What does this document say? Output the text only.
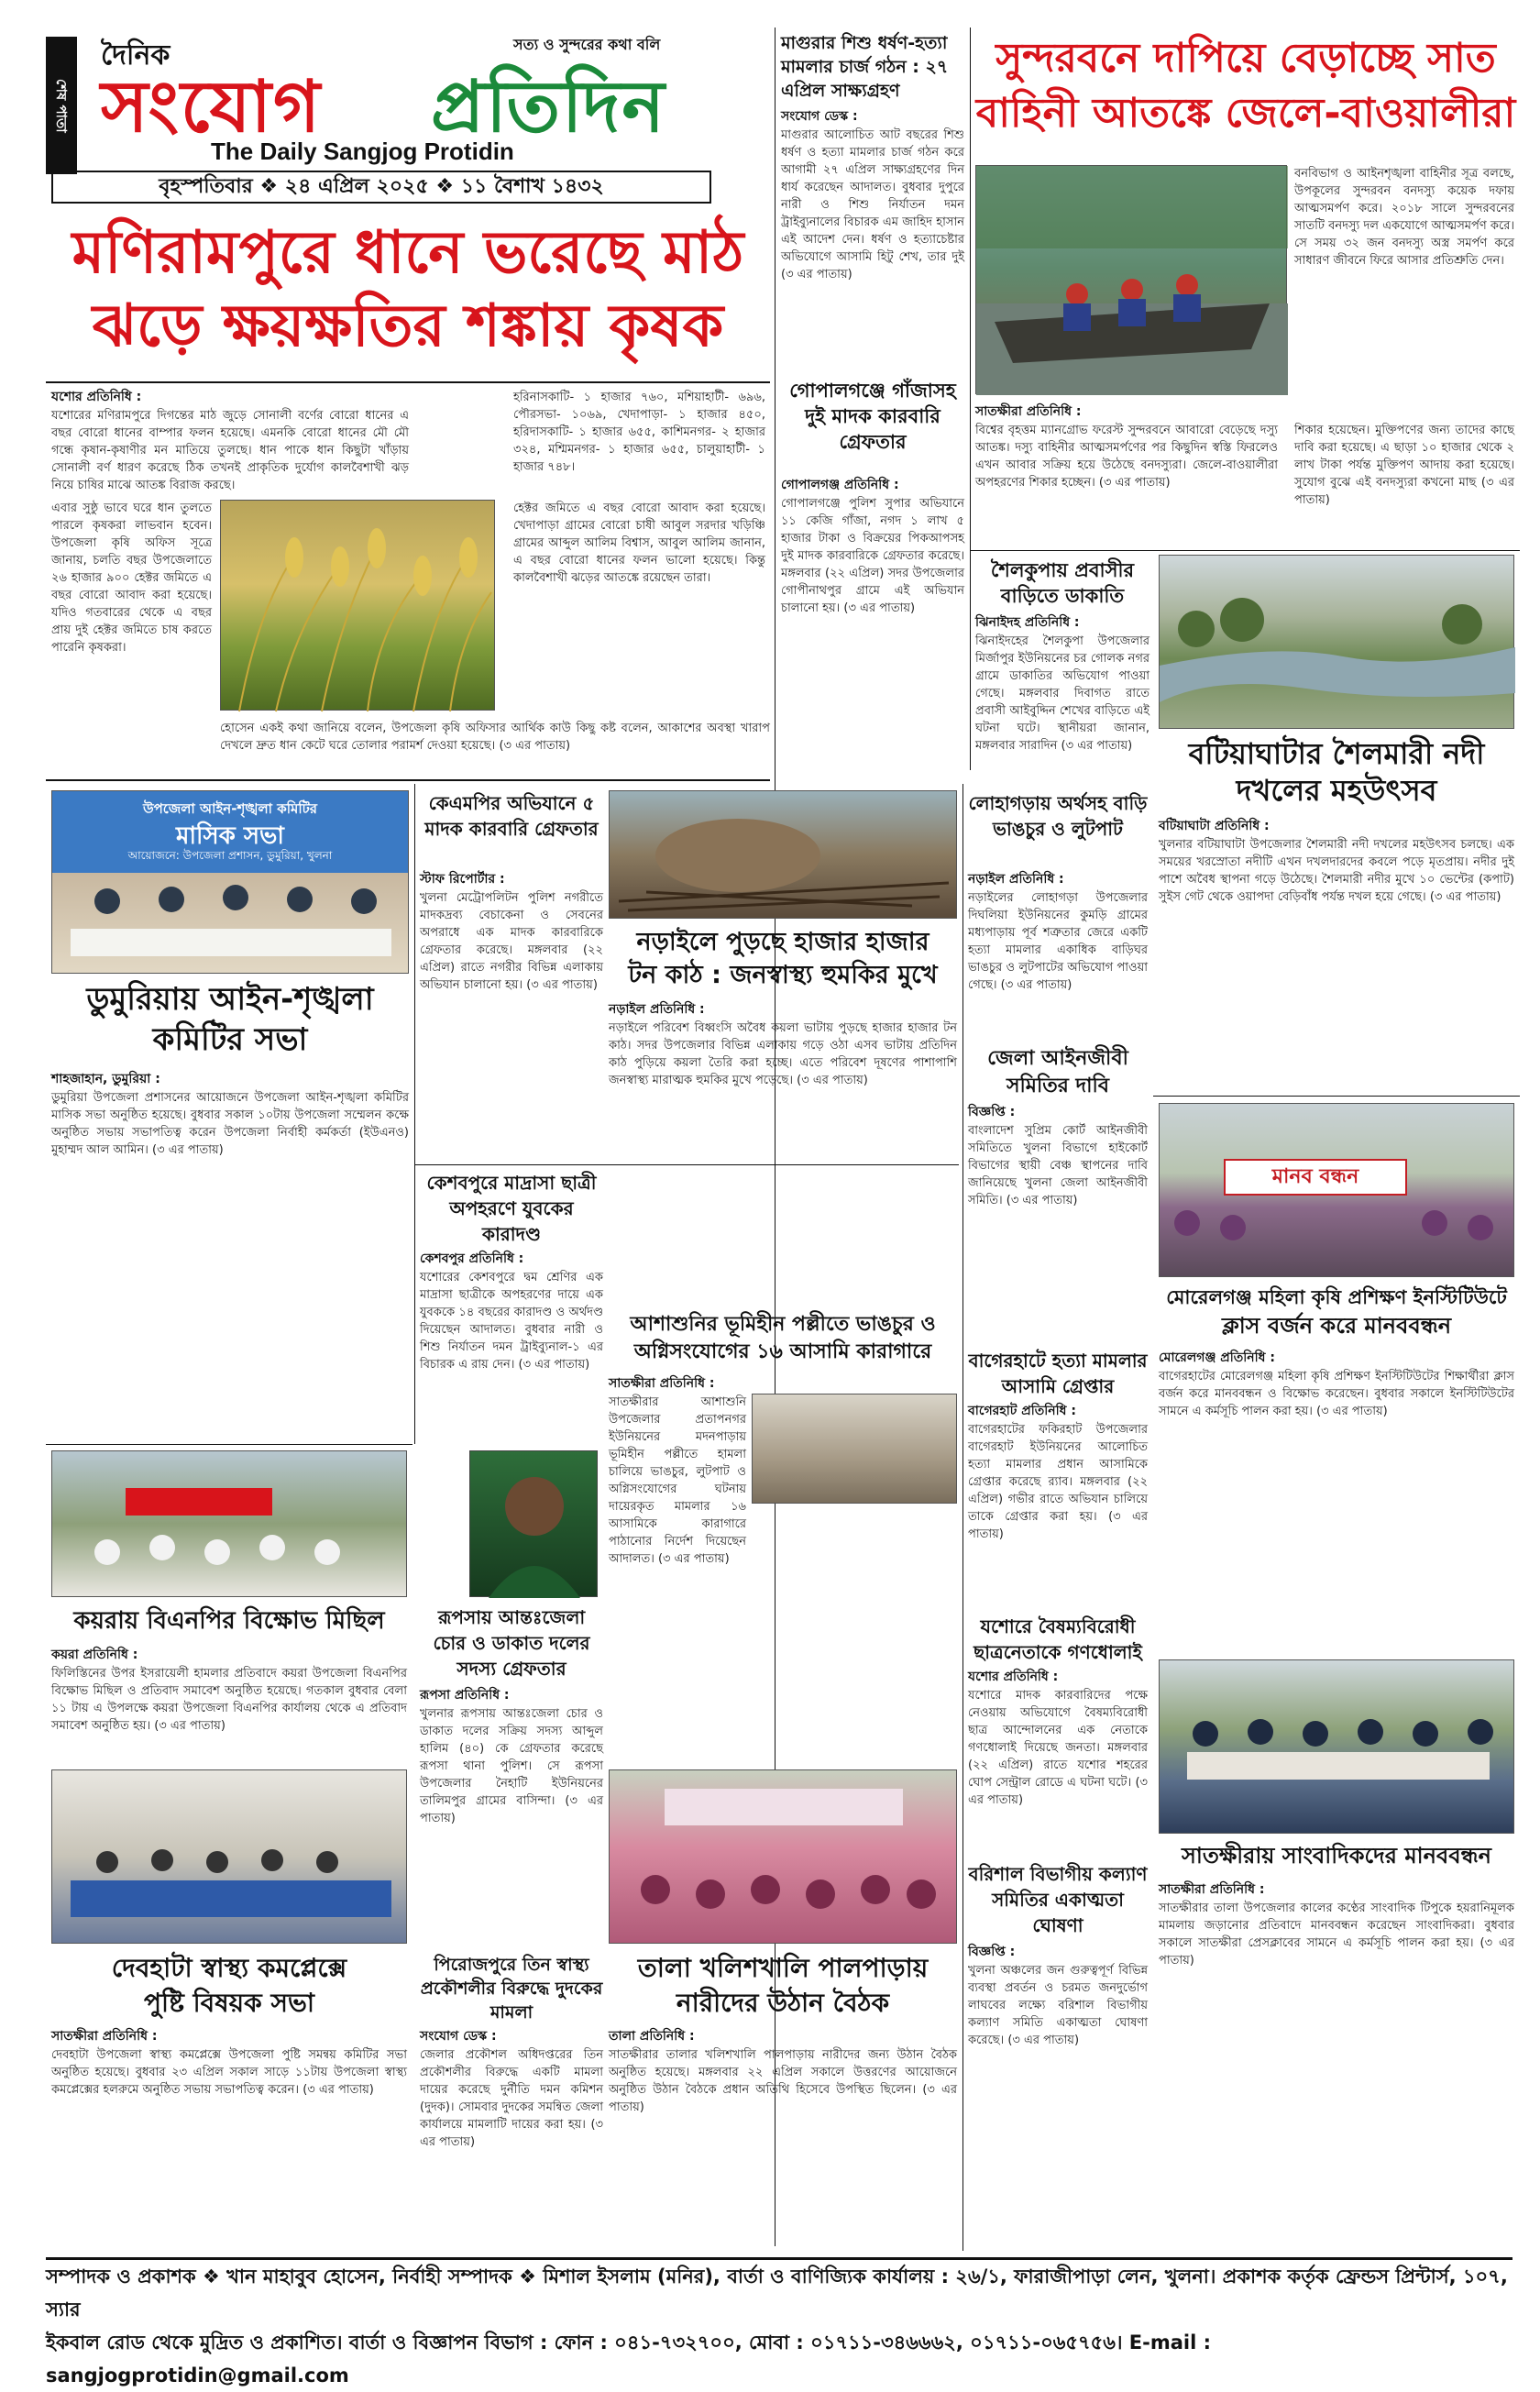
শেষ পাতা
দৈনিক	সত্য ও সুন্দরের কথা বলি
সংযোগ প্রতিদিন
The Daily Sangjog Protidin
বৃহস্পতিবার ❖ ২৪ এপ্রিল ২০২৫ ❖ ১১ বৈশাখ ১৪৩২
মণিরামপুরে ধানে ভরেছে মাঠ
ঝড়ে ক্ষয়ক্ষতির শঙ্কায় কৃষক
যশোর প্রতিনিধি :
যশোরের মণিরামপুরে দিগন্তের মাঠ জুড়ে সোনালী বর্ণের বোরো ধানের এ বছর বোরো ধানের বাম্পার ফলন হয়েছে। এমনকি বোরো ধানের মৌ মৌ গন্ধে কৃষান-কৃষাণীর মন মাতিয়ে তুলছে। ধান পাকে ধান কিছুটা খাঁড়ায় সোনালী বর্ণ ধারণ করেছে ঠিক তখনই প্রাকৃতিক দুর্যোগ কালবৈশাখী ঝড় নিয়ে চাষির মাঝে আতঙ্ক বিরাজ করছে।
এবার সুষ্ঠু ভাবে ঘরে ধান তুলতে পারলে কৃষকরা লাভবান হবেন। উপজেলা কৃষি অফিস সূত্রে জানায়, চলতি বছর উপজেলাতে ২৬ হাজার ৯০০ হেক্টর জমিতে এ বছর বোরো আবাদ করা হয়েছে। যদিও গতবারের থেকে এ বছর প্রায় দুই হেক্টর জমিতে চাষ করতে পারেনি কৃষকরা।
হরিনাসকাটি- ১ হাজার ৭৬০, মশিয়াহাটী- ৬৯৬, পৌরসভা- ১০৬৯, খেদাপাড়া- ১ হাজার ৪৫০, হরিদাসকাটি- ১ হাজার ৬৫৫, কাশিমনগর- ২ হাজার ৩২৪, মশ্মিমনগর- ১ হাজার ৬৫৫, চালুয়াহাটী- ১ হাজার ৭৪৮।
হেক্টর জমিতে এ বছর বোরো আবাদ করা হয়েছে। খেদাপাড়া গ্রামের বোরো চাষী আবুল সরদার খড়িঞ্চি গ্রামের আব্দুল আলিম বিশ্বাস, আবুল আলিম জানান, এ বছর বোরো ধানের ফলন ভালো হয়েছে। কিন্তু কালবৈশাখী ঝড়ের আতঙ্কে রয়েছেন তারা।
হোসেন একই কথা জানিয়ে বলেন, উপজেলা কৃষি অফিসার আর্থিক কাউ কিছু কষ্ট বলেন, আকাশের অবস্থা খারাপ দেখলে দ্রুত ধান কেটে ঘরে তোলার পরামর্শ দেওয়া হয়েছে। (৩ এর পাতায়)
মাগুরার শিশু ধর্ষণ-হত্যা মামলার চার্জ গঠন : ২৭ এপ্রিল সাক্ষ্যগ্রহণ
সংযোগ ডেস্ক :
মাগুরার আলোচিত আট বছরের শিশু ধর্ষণ ও হত্যা মামলার চার্জ গঠন করে আগামী ২৭ এপ্রিল সাক্ষ্যগ্রহণের দিন ধার্য করেছেন আদালত। বুধবার দুপুরে নারী ও শিশু নির্যাতন দমন ট্রাইব্যুনালের বিচারক এম জাহিদ হাসান এই আদেশ দেন। ধর্ষণ ও হত্যাচেষ্টার অভিযোগে আসামি হিটু শেখ, তার দুই (৩ এর পাতায়)
গোপালগঞ্জে গাঁজাসহ দুই মাদক কারবারি গ্রেফতার
গোপালগঞ্জ প্রতিনিধি :
গোপালগঞ্জে পুলিশ সুপার অভিযানে ১১ কেজি গাঁজা, নগদ ১ লাখ ৫ হাজার টাকা ও বিক্রয়ের পিকআপসহ দুই মাদক কারবারিকে গ্রেফতার করেছে। মঙ্গলবার (২২ এপ্রিল) সদর উপজেলার গোপীনাথপুর গ্রামে এই অভিযান চালানো হয়। (৩ এর পাতায়)
সুন্দরবনে দাপিয়ে বেড়াচ্ছে সাত
বাহিনী আতঙ্কে জেলে-বাওয়ালীরা
বনবিভাগ ও আইনশৃঙ্খলা বাহিনীর সূত্র বলছে, উপকূলের সুন্দরবন বনদস্যু কয়েক দফায় আত্মসমর্পণ করে। ২০১৮ সালে সুন্দরবনের সাতটি বনদস্যু দল একযোগে আত্মসমর্পণ করে। সে সময় ৩২ জন বনদস্যু অস্ত্র সমর্পণ করে সাধারণ জীবনে ফিরে আসার প্রতিশ্রুতি দেন।
সাতক্ষীরা প্রতিনিধি :
বিশ্বের বৃহত্তম ম্যানগ্রোভ ফরেস্ট সুন্দরবনে আবারো বেড়েছে দস্যু আতঙ্ক। দস্যু বাহিনীর আত্মসমর্পণের পর কিছুদিন স্বস্তি ফিরলেও এখন আবার সক্রিয় হয়ে উঠেছে বনদস্যুরা। জেলে-বাওয়ালীরা অপহরণের শিকার হচ্ছেন। (৩ এর পাতায়)
শিকার হয়েছেন। মুক্তিপণের জন্য তাদের কাছে দাবি করা হয়েছে। এ ছাড়া ১০ হাজার থেকে ২ লাখ টাকা পর্যন্ত মুক্তিপণ আদায় করা হয়েছে। সুযোগ বুঝে এই বনদস্যুরা কখনো মাছ (৩ এর পাতায়)
শৈলকুপায় প্রবাসীর বাড়িতে ডাকাতি
ঝিনাইদহ প্রতিনিধি :
ঝিনাইদহের শৈলকুপা উপজেলার মির্জাপুর ইউনিয়নের চর গোলক নগর গ্রামে ডাকাতির অভিযোগ পাওয়া গেছে। মঙ্গলবার দিবাগত রাতে প্রবাসী আইবুদ্দিন শেখের বাড়িতে এই ঘটনা ঘটে। স্থানীয়রা জানান, মঙ্গলবার সারাদিন (৩ এর পাতায়)	বটিয়াঘাটার শৈলমারী নদী
দখলের মহউৎসব
বটিয়াঘাটা প্রতিনিধি :
খুলনার বটিয়াঘাটা উপজেলার শৈলমারী নদী দখলের মহউৎসব চলছে। এক সময়ের খরস্রোতা নদীটি এখন দখলদারদের কবলে পড়ে মৃতপ্রায়। নদীর দুই পাশে অবৈধ স্থাপনা গড়ে উঠেছে। শৈলমারী নদীর মুখে ১০ ভেন্টের (কপাট) সুইস গেট থেকে ওয়াপদা বেড়িবাঁধ পর্যন্ত দখল হয়ে গেছে। (৩ এর পাতায়)
উপজেলা আইন-শৃঙ্খলা কমিটির
মাসিক সভা
আয়োজনে: উপজেলা প্রশাসন, ডুমুরিয়া, খুলনা
ডুমুরিয়ায় আইন-শৃঙ্খলা
কমিটির সভা
শাহজাহান, ডুমুরিয়া :
ডুমুরিয়া উপজেলা প্রশাসনের আয়োজনে উপজেলা আইন-শৃঙ্খলা কমিটির মাসিক সভা অনুষ্ঠিত হয়েছে। বুধবার সকাল ১০টায় উপজেলা সম্মেলন কক্ষে অনুষ্ঠিত সভায় সভাপতিত্ব করেন উপজেলা নির্বাহী কর্মকর্তা (ইউএনও) মুহাম্মদ আল আমিন। (৩ এর পাতায়)
কেএমপির অভিযানে ৫ মাদক কারবারি গ্রেফতার
স্টাফ রিপোর্টার :
খুলনা মেট্রোপলিটন পুলিশ নগরীতে মাদকদ্রব্য বেচাকেনা ও সেবনের অপরাধে এক মাদক কারবারিকে গ্রেফতার করেছে। মঙ্গলবার (২২ এপ্রিল) রাতে নগরীর বিভিন্ন এলাকায় অভিযান চালানো হয়। (৩ এর পাতায়)
নড়াইলে পুড়ছে হাজার হাজার
টন কাঠ : জনস্বাস্থ্য হুমকির মুখে
নড়াইল প্রতিনিধি :
নড়াইলে পরিবেশ বিধ্বংসি অবৈধ কয়লা ভাটায় পুড়ছে হাজার হাজার টন কাঠ। সদর উপজেলার বিভিন্ন এলাকায় গড়ে ওঠা এসব ভাটায় প্রতিদিন কাঠ পুড়িয়ে কয়লা তৈরি করা হচ্ছে। এতে পরিবেশ দূষণের পাশাপাশি জনস্বাস্থ্য মারাত্মক হুমকির মুখে পড়েছে। (৩ এর পাতায়)
লোহাগড়ায় অর্থসহ বাড়ি ভাঙচুর ও লুটপাট
নড়াইল প্রতিনিধি :
নড়াইলের লোহাগড়া উপজেলার দিঘলিয়া ইউনিয়নের কুমড়ি গ্রামের মধ্যপাড়ায় পূর্ব শত্রুতার জেরে একটি হত্যা মামলার একাধিক বাড়িঘর ভাঙচুর ও লুটপাটের অভিযোগ পাওয়া গেছে। (৩ এর পাতায়)
জেলা আইনজীবী সমিতির দাবি
বিজ্ঞপ্তি :
বাংলাদেশ সুপ্রিম কোর্ট আইনজীবী সমিতিতে খুলনা বিভাগে হাইকোর্ট বিভাগের স্থায়ী বেঞ্চ স্থাপনের দাবি জানিয়েছে খুলনা জেলা আইনজীবী সমিতি। (৩ এর পাতায়)
মানব বন্ধন
মোরেলগঞ্জ মহিলা কৃষি প্রশিক্ষণ ইনস্টিটিউটে
ক্লাস বর্জন করে মানববন্ধন
মোরেলগঞ্জ প্রতিনিধি :
বাগেরহাটের মোরেলগঞ্জ মহিলা কৃষি প্রশিক্ষণ ইনস্টিটিউটের শিক্ষার্থীরা ক্লাস বর্জন করে মানববন্ধন ও বিক্ষোভ করেছেন। বুধবার সকালে ইনস্টিটিউটের সামনে এ কর্মসূচি পালন করা হয়। (৩ এর পাতায়)
কেশবপুরে মাদ্রাসা ছাত্রী অপহরণে যুবকের কারাদণ্ড
কেশবপুর প্রতিনিধি :
যশোরের কেশবপুরে দ্বম শ্রেণির এক মাদ্রাসা ছাত্রীকে অপহরণের দায়ে এক যুবককে ১৪ বছরের কারাদণ্ড ও অর্থদণ্ড দিয়েছেন আদালত। বুধবার নারী ও শিশু নির্যাতন দমন ট্রাইব্যুনাল-১ এর বিচারক এ রায় দেন। (৩ এর পাতায়)
আশাশুনির ভূমিহীন পল্লীতে ভাঙচুর ও
অগ্নিসংযোগের ১৬ আসামি কারাগারে
সাতক্ষীরা প্রতিনিধি :
সাতক্ষীরার আশাশুনি উপজেলার প্রতাপনগর ইউনিয়নের মদনপাড়ায় ভূমিহীন পল্লীতে হামলা চালিয়ে ভাঙচুর, লুটপাট ও অগ্নিসংযোগের ঘটনায় দায়েরকৃত মামলার ১৬ আসামিকে কারাগারে পাঠানোর নির্দেশ দিয়েছেন আদালত। (৩ এর পাতায়)
বাগেরহাটে হত্যা মামলার আসামি গ্রেপ্তার
বাগেরহাট প্রতিনিধি :
বাগেরহাটের ফকিরহাট উপজেলার বাগেরহাট ইউনিয়নের আলোচিত হত্যা মামলার প্রধান আসামিকে গ্রেপ্তার করেছে র‍্যাব। মঙ্গলবার (২২ এপ্রিল) গভীর রাতে অভিযান চালিয়ে তাকে গ্রেপ্তার করা হয়। (৩ এর পাতায়)
যশোরে বৈষম্যবিরোধী ছাত্রনেতাকে গণধোলাই
যশোর প্রতিনিধি :
যশোরে মাদক কারবারিদের পক্ষে নেওয়ায় অভিযোগে বৈষম্যবিরোধী ছাত্র আন্দোলনের এক নেতাকে গণধোলাই দিয়েছে জনতা। মঙ্গলবার (২২ এপ্রিল) রাতে যশোর শহরের ঘোপ সেন্ট্রাল রোডে এ ঘটনা ঘটে। (৩ এর পাতায়)
বরিশাল বিভাগীয় কল্যাণ সমিতির একাত্মতা ঘোষণা
বিজ্ঞপ্তি :
খুলনা অঞ্চলের জন গুরুত্বপূর্ণ বিভিন্ন ব্যবস্থা প্রবর্তন ও চরমত জনদুর্ভোগ লাঘবের লক্ষ্যে বরিশাল বিভাগীয় কল্যাণ সমিতি একাত্মতা ঘোষণা করেছে। (৩ এর পাতায়)
কয়রায় বিএনপির বিক্ষোভ মিছিল
কয়রা প্রতিনিধি :
ফিলিস্তিনের উপর ইসরায়েলী হামলার প্রতিবাদে কয়রা উপজেলা বিএনপির বিক্ষোভ মিছিল ও প্রতিবাদ সমাবেশ অনুষ্ঠিত হয়েছে। গতকাল বুধবার বেলা ১১ টায় এ উপলক্ষে কয়রা উপজেলা বিএনপির কার্যালয় থেকে এ প্রতিবাদ সমাবেশ অনুষ্ঠিত হয়। (৩ এর পাতায়)
রূপসায় আন্তঃজেলা চোর ও ডাকাত দলের সদস্য গ্রেফতার
রূপসা প্রতিনিধি :
খুলনার রূপসায় আন্তঃজেলা চোর ও ডাকাত দলের সক্রিয় সদস্য আব্দুল হালিম (৪০) কে গ্রেফতার করেছে রূপসা থানা পুলিশ। সে রূপসা উপজেলার নৈহাটি ইউনিয়নের তালিমপুর গ্রামের বাসিন্দা। (৩ এর পাতায়)
সাতক্ষীরায় সাংবাদিকদের মানববন্ধন
সাতক্ষীরা প্রতিনিধি :
সাতক্ষীরার তালা উপজেলার কালের কণ্ঠের সাংবাদিক টিপুকে হয়রানিমূলক মামলায় জড়ানোর প্রতিবাদে মানববন্ধন করেছেন সাংবাদিকরা। বুধবার সকালে সাতক্ষীরা প্রেসক্লাবের সামনে এ কর্মসূচি পালন করা হয়। (৩ এর পাতায়)
দেবহাটা স্বাস্থ্য কমপ্লেক্সে
পুষ্টি বিষয়ক সভা
সাতক্ষীরা প্রতিনিধি :
দেবহাটা উপজেলা স্বাস্থ্য কমপ্লেক্সে উপজেলা পুষ্টি সমন্বয় কমিটির সভা অনুষ্ঠিত হয়েছে। বুধবার ২৩ এপ্রিল সকাল সাড়ে ১১টায় উপজেলা স্বাস্থ্য কমপ্লেক্সের হলরুমে অনুষ্ঠিত সভায় সভাপতিত্ব করেন। (৩ এর পাতায়)
পিরোজপুরে তিন স্বাস্থ্য প্রকৌশলীর বিরুদ্ধে দুদকের মামলা
সংযোগ ডেস্ক :
জেলার প্রকৌশল অধিদপ্তরের তিন প্রকৌশলীর বিরুদ্ধে একটি মামলা দায়ের করেছে দুর্নীতি দমন কমিশন (দুদক)। সোমবার দুদকের সমন্বিত জেলা কার্যালয়ে মামলাটি দায়ের করা হয়। (৩ এর পাতায়)
তালা খলিশখালি পালপাড়ায়
নারীদের উঠান বৈঠক
তালা প্রতিনিধি :
সাতক্ষীরার তালার খলিশখালি পালপাড়ায় নারীদের জন্য উঠান বৈঠক অনুষ্ঠিত হয়েছে। মঙ্গলবার ২২ এপ্রিল সকালে উত্তরণের আয়োজনে অনুষ্ঠিত উঠান বৈঠকে প্রধান অতিথি হিসেবে উপস্থিত ছিলেন। (৩ এর পাতায়)
সম্পাদক ও প্রকাশক ❖ খান মাহাবুব হোসেন, নির্বাহী সম্পাদক ❖ মিশাল ইসলাম (মনির), বার্তা ও বাণিজ্যিক কার্যালয় : ২৬/১, ফারাজীপাড়া লেন, খুলনা। প্রকাশক কর্তৃক ফ্রেন্ডস প্রিন্টার্স, ১০৭, স্যার
ইকবাল রোড থেকে মুদ্রিত ও প্রকাশিত। বার্তা ও বিজ্ঞাপন বিভাগ : ফোন : ০৪১-৭৩২৭০০, মোবা : ০১৭১১-৩৪৬৬৬২, ০১৭১১-০৬৫৭৫৬। E-mail : sangjogprotidin@gmail.com
